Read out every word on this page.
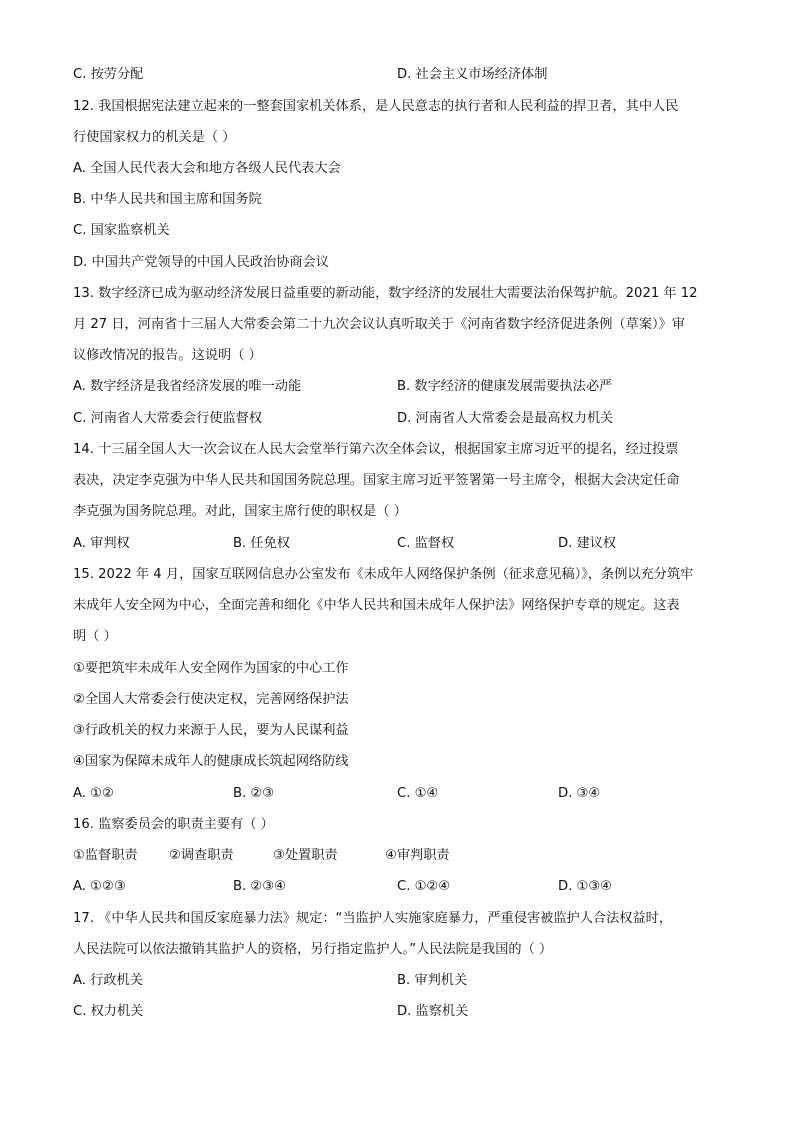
C. 按劳分配	D. 社会主义市场经济体制
12. 我国根据宪法建立起来的一整套国家机关体系，是人民意志的执行者和人民利益的捍卫者，其中人民
行使国家权力的机关是（ ）
A. 全国人民代表大会和地方各级人民代表大会
B. 中华人民共和国主席和国务院
C. 国家监察机关
D. 中国共产党领导的中国人民政治协商会议
13. 数字经济已成为驱动经济发展日益重要的新动能，数字经济的发展壮大需要法治保驾护航。2021 年 12
月 27 日，河南省十三届人大常委会第二十九次会议认真听取关于《河南省数字经济促进条例（草案）》审
议修改情况的报告。这说明（ ）
A. 数字经济是我省经济发展的唯一动能	B. 数字经济的健康发展需要执法必严
C. 河南省人大常委会行使监督权	D. 河南省人大常委会是最高权力机关
14. 十三届全国人大一次会议在人民大会堂举行第六次全体会议，根据国家主席习近平的提名，经过投票
表决，决定李克强为中华人民共和国国务院总理。国家主席习近平签署第一号主席令，根据大会决定任命
李克强为国务院总理。对此，国家主席行使的职权是（ ）
A. 审判权	B. 任免权	C. 监督权	D. 建议权
15. 2022 年 4 月，国家互联网信息办公室发布《未成年人网络保护条例（征求意见稿）》，条例以充分筑牢
未成年人安全网为中心，全面完善和细化《中华人民共和国未成年人保护法》网络保护专章的规定。这表
明（ ）
①要把筑牢未成年人安全网作为国家的中心工作
②全国人大常委会行使决定权，完善网络保护法
③行政机关的权力来源于人民，要为人民谋利益
④国家为保障未成年人的健康成长筑起网络防线
A. ①②	B. ②③	C. ①④	D. ③④
16. 监察委员会的职责主要有（ ）
①监督职责 ②调查职责	③处置职责	④审判职责
A. ①②③	B. ②③④	C. ①②④	D. ①③④
17. 《中华人民共和国反家庭暴力法》规定：“当监护人实施家庭暴力，严重侵害被监护人合法权益时，
人民法院可以依法撤销其监护人的资格，另行指定监护人。”人民法院是我国的（ ）
A. 行政机关	B. 审判机关
C. 权力机关	D. 监察机关
